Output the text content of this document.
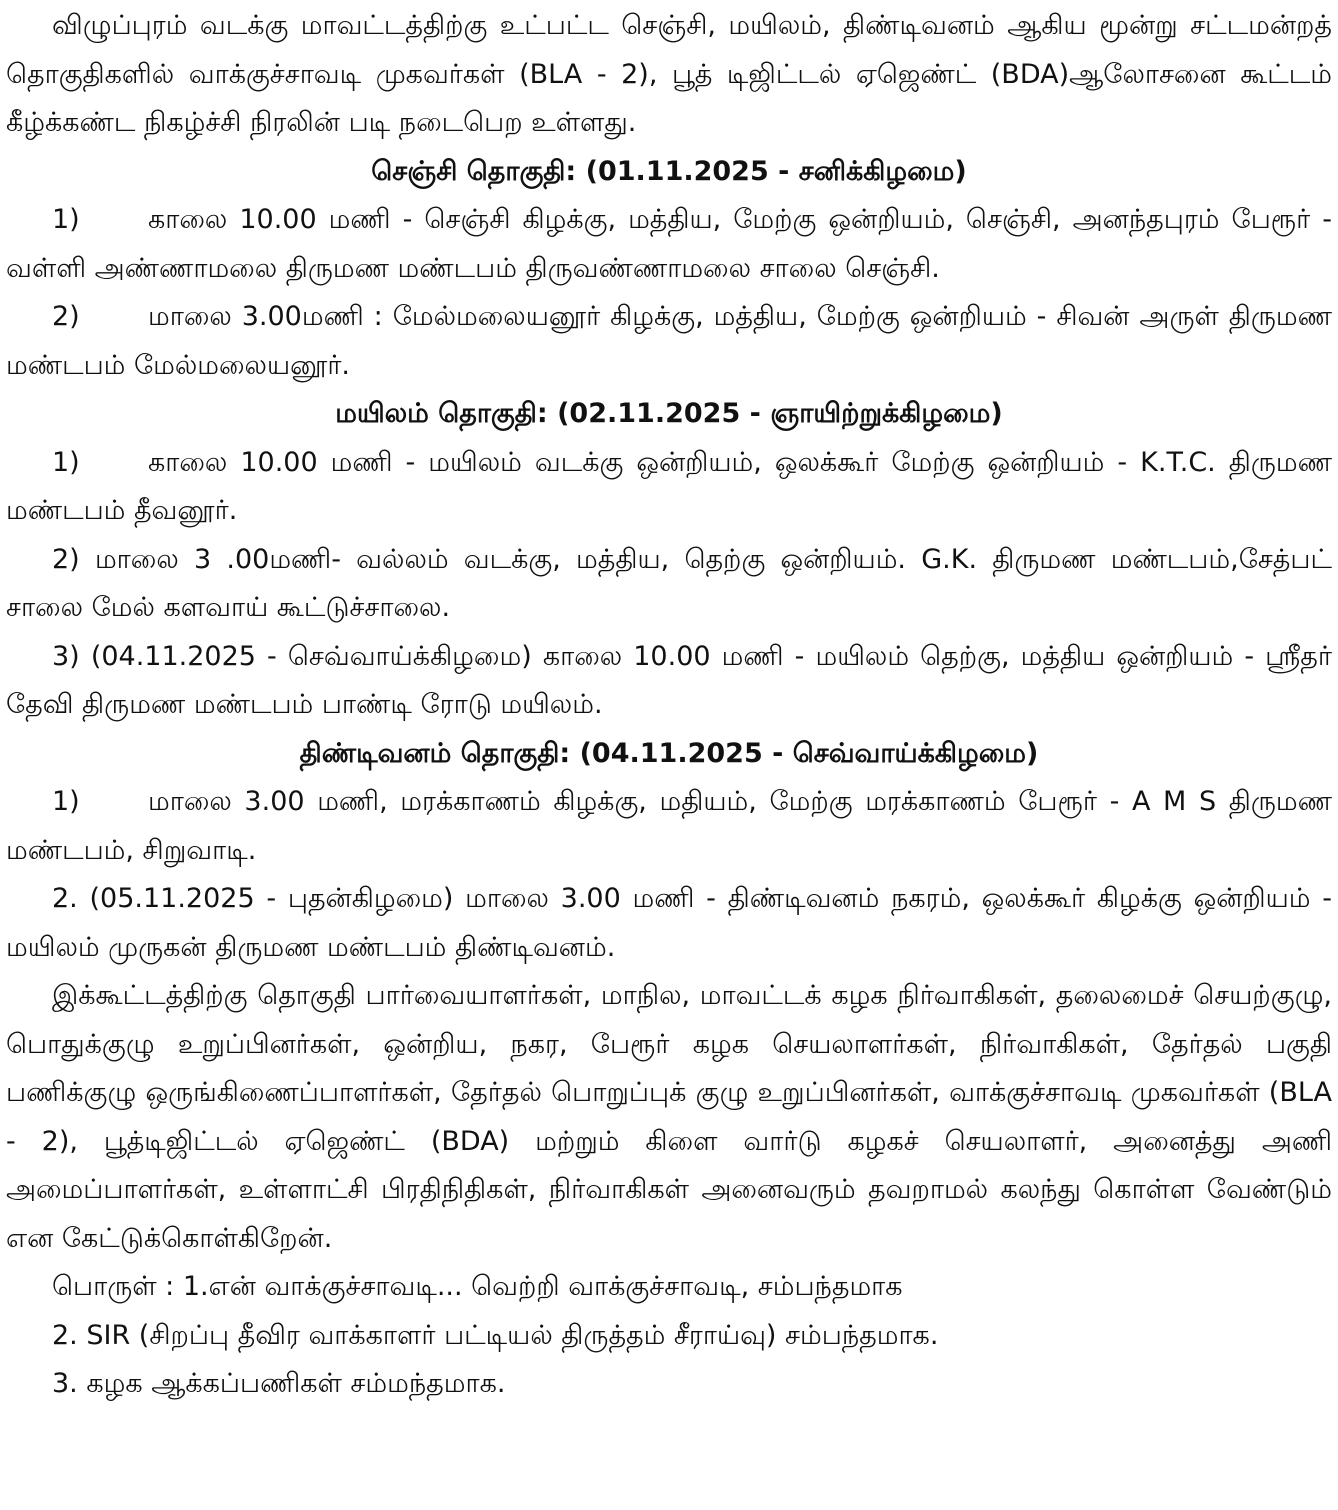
விழுப்புரம் வடக்கு மாவட்டத்திற்கு உட்பட்ட செஞ்சி, மயிலம், திண்டிவனம் ஆகிய மூன்று சட்டமன்றத் தொகுதிகளில் வாக்குச்சாவடி முகவர்கள் (BLA - 2), பூத் டிஜிட்டல் ஏஜெண்ட் (BDA)ஆலோசனை கூட்டம் கீழ்க்கண்ட நிகழ்ச்சி நிரலின் படி நடைபெற உள்ளது.

செஞ்சி தொகுதி: (01.11.2025 - சனிக்கிழமை)

1)	காலை 10.00 மணி - செஞ்சி கிழக்கு, மத்திய, மேற்கு ஒன்றியம், செஞ்சி, அனந்தபுரம் பேரூர் - வள்ளி அண்ணாமலை திருமண மண்டபம் திருவண்ணாமலை சாலை செஞ்சி.

2)	மாலை 3.00மணி : மேல்மலையனூர் கிழக்கு, மத்திய, மேற்கு ஒன்றியம் - சிவன் அருள் திருமண மண்டபம் மேல்மலையனூர்.

மயிலம் தொகுதி: (02.11.2025 - ஞாயிற்றுக்கிழமை)

1)	காலை 10.00 மணி - மயிலம் வடக்கு ஒன்றியம், ஒலக்கூர் மேற்கு ஒன்றியம் - K.T.C. திருமண மண்டபம் தீவனூர்.

2) மாலை 3 .00மணி- வல்லம் வடக்கு, மத்திய, தெற்கு ஒன்றியம். G.K. திருமண மண்டபம்,சேத்பட் சாலை மேல் களவாய் கூட்டுச்சாலை.

3) (04.11.2025 - செவ்வாய்க்கிழமை) காலை 10.00 மணி - மயிலம் தெற்கு, மத்திய ஒன்றியம் - ஸ்ரீதர் தேவி திருமண மண்டபம் பாண்டி ரோடு மயிலம்.

திண்டிவனம் தொகுதி: (04.11.2025 - செவ்வாய்க்கிழமை)

1)	மாலை 3.00 மணி, மரக்காணம் கிழக்கு, மதியம், மேற்கு மரக்காணம் பேரூர் - A M S திருமண மண்டபம், சிறுவாடி.

2. (05.11.2025 - புதன்கிழமை) மாலை 3.00 மணி - திண்டிவனம் நகரம், ஒலக்கூர் கிழக்கு ஒன்றியம் - மயிலம் முருகன் திருமண மண்டபம் திண்டிவனம்.

இக்கூட்டத்திற்கு தொகுதி பார்வையாளர்கள், மாநில, மாவட்டக் கழக நிர்வாகிகள், தலைமைச் செயற்குழு, பொதுக்குழு உறுப்பினர்கள், ஒன்றிய, நகர, பேரூர் கழக செயலாளர்கள், நிர்வாகிகள், தேர்தல் பகுதி பணிக்குழு ஒருங்கிணைப்பாளர்கள், தேர்தல் பொறுப்புக் குழு உறுப்பினர்கள், வாக்குச்சாவடி முகவர்கள் (BLA - 2), பூத்டிஜிட்டல் ஏஜெண்ட் (BDA) மற்றும் கிளை வார்டு கழகச் செயலாளர், அனைத்து அணி அமைப்பாளர்கள், உள்ளாட்சி பிரதிநிதிகள், நிர்வாகிகள் அனைவரும் தவறாமல் கலந்து கொள்ள வேண்டும் என கேட்டுக்கொள்கிறேன்.

பொருள் : 1.என் வாக்குச்சாவடி... வெற்றி வாக்குச்சாவடி, சம்பந்தமாக

2. SIR (சிறப்பு தீவிர வாக்காளர் பட்டியல் திருத்தம் சீராய்வு) சம்பந்தமாக.

3. கழக ஆக்கப்பணிகள் சம்மந்தமாக.
